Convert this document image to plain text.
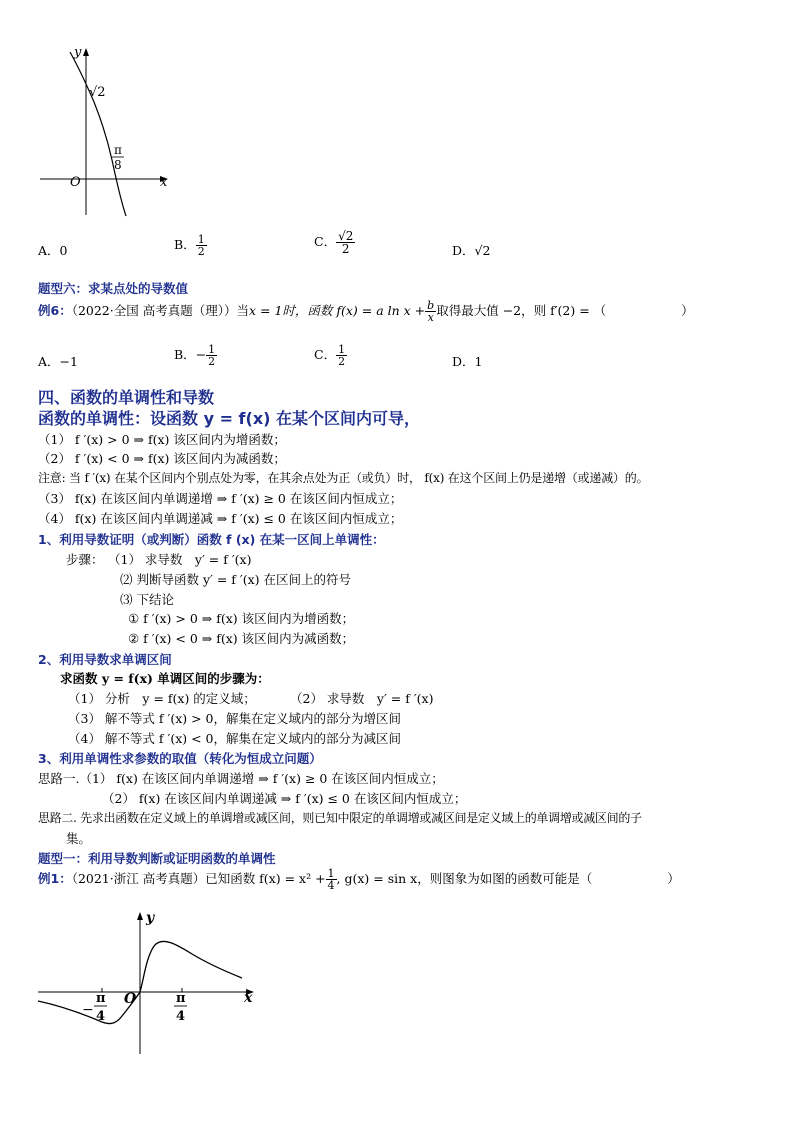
y
x
O
√2
π
8
A．0	B． $\frac{1}{2}$	C． $\frac{√2}{2}$	D．√2
题型六：求某点处的导数值
例6：（2022·全国 高考真题（理））当x = 1时，函数 f(x) = a $\ln x + \frac{b}{x}$ 取得最大值 −2，则 f′(2) = （　　　　　　）
A．−1	B．− $\frac{1}{2}$	C． $\frac{1}{2}$	D．1
四、函数的单调性和导数
函数的单调性：设函数 y = f(x) 在某个区间内可导，
（1） f ′(x) > 0 ⇒ f(x) 该区间内为增函数；
（2） f ′(x) < 0 ⇒ f(x) 该区间内为减函数；
注意: 当 f ′(x) 在某个区间内个别点处为零，在其余点处为正（或负）时， f(x) 在这个区间上仍是递增（或递减）的。
（3） f(x) 在该区间内单调递增 ⇒ f ′(x) ≥ 0 在该区间内恒成立；
（4） f(x) 在该区间内单调递减 ⇒ f ′(x) ≤ 0 在该区间内恒成立；
1、利用导数证明（或判断）函数 f (x) 在某一区间上单调性：
步骤： （1） 求导数　y′ = f ′(x)
⑵ 判断导函数 y′ = f ′(x) 在区间上的符号
⑶ 下结论
① f ′(x) > 0 ⇒ f(x) 该区间内为增函数；
② f ′(x) < 0 ⇒ f(x) 该区间内为减函数；
2、利用导数求单调区间
求函数 y = f(x) 单调区间的步骤为：
（1） 分析　y = f(x) 的定义域；	（2） 求导数　y′ = f ′(x)
（3） 解不等式 f ′(x) > 0，解集在定义域内的部分为增区间
（4） 解不等式 f ′(x) < 0，解集在定义域内的部分为减区间
3、利用单调性求参数的取值（转化为恒成立问题）
思路一.（1） f(x) 在该区间内单调递增 ⇒ f ′(x) ≥ 0 在该区间内恒成立；
（2） f(x) 在该区间内单调递减 ⇒ f ′(x) ≤ 0 在该区间内恒成立；
思路二. 先求出函数在定义域上的单调增或减区间，则已知中限定的单调增或减区间是定义域上的单调增或减区间的子
集。
题型一：利用导数判断或证明函数的单调性
例1：（2021·浙江 高考真题）已知函数 $f(x) = x^2 + \frac{1}{4}$ , g(x) = sin x，则图象为如图的函数可能是（　　　　　　）
y
x
O
−
π
4
π
4
